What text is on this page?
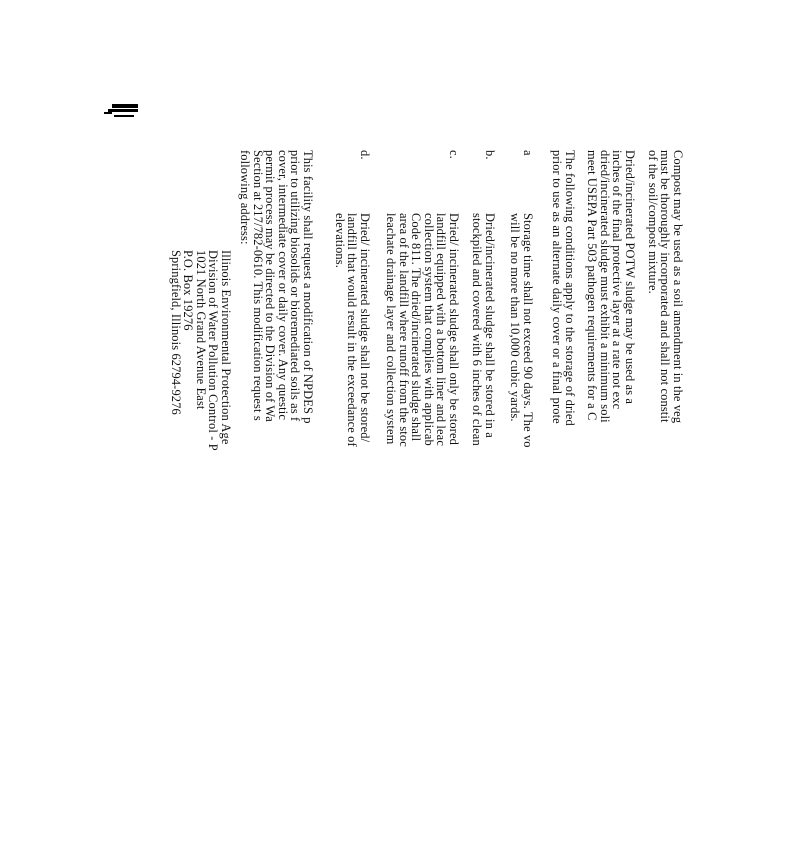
Compost may be used as a soil amendment in the veg
must be thoroughly incorporated and shall not constit
of the soil/compost mixture.
Dried/incinerated POTW sludge may be used as a
inches of the final protective layer at a rate not exc
dried/incinerated sludge must exhibit a minimum soli
meet USEPA Part 503 pathogen requirements for a C
The following conditions apply to the storage of dried
prior to use as an alternate daily cover or a final prote
a
Storage time shall not exceed 90 days. The vo
will be no more than 10,000 cubic yards.
b.
Dried/incinerated sludge shall be stored in a
stockpiled and covered with 6 inches of clean
c.
Dried/ incinerated sludge shall only be stored
landfill equipped with a bottom liner and leac
collection system that complies with applicab
Code 811. The dried/incinerated sludge shall
area of the landfill where runoff from the stoc
leachate drainage layer and collection system
d.
Dried/ incinerated sludge shall not be stored/
landfill that would result in the exceedance of
elevations.
This facility shall request a modification of NPDES p
prior to utilizing biosolids or bioremediated soils as f
cover, intermediate cover or daily cover. Any questic
permit process may be directed to the Division of Wa
Section at 217/782-0610. This modification request s
following address:
Illinois Environmental Protection Age
Division of Water Pollution Control - P
1021 North Grand Avenue East
P.O. Box 19276
Springfield, Illinois 62794-9276
